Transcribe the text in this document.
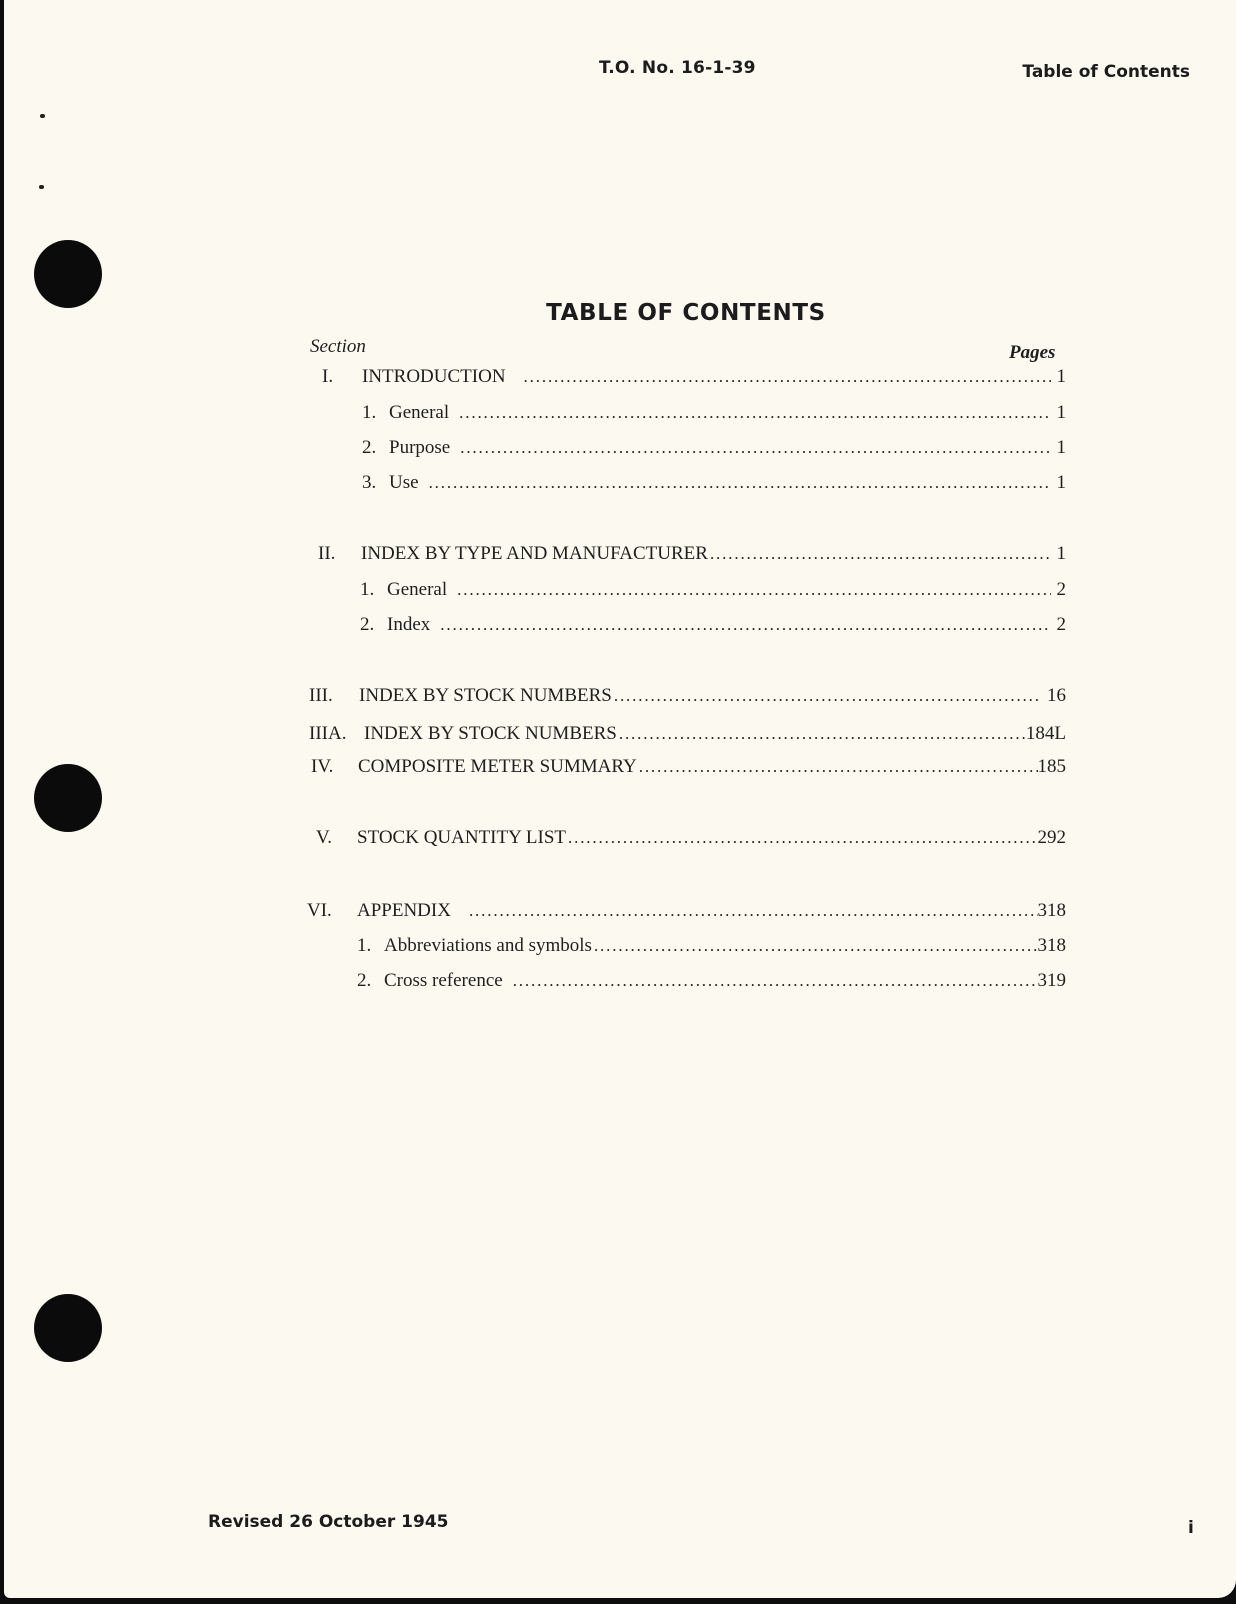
T.O. No. 16-1-39	Table of Contents
TABLE OF CONTENTS
Section	Pages
I.	INTRODUCTION . . .	1
1. General . . .	1
2. Purpose . . .	1
3. Use . . .	1
II.	INDEX BY TYPE AND MANUFACTURER . . .	1
1. General . . .	2
2. Index . . .	2
III.	INDEX BY STOCK NUMBERS . . .	16
IIIA. INDEX BY STOCK NUMBERS . . .	184L
IV.	COMPOSITE METER SUMMARY . . .	185
V.	STOCK QUANTITY LIST . . .	292
VI.	APPENDIX . . .	318
1. Abbreviations and symbols . . .	318
2. Cross reference . . .	319
Revised 26 October 1945	i
